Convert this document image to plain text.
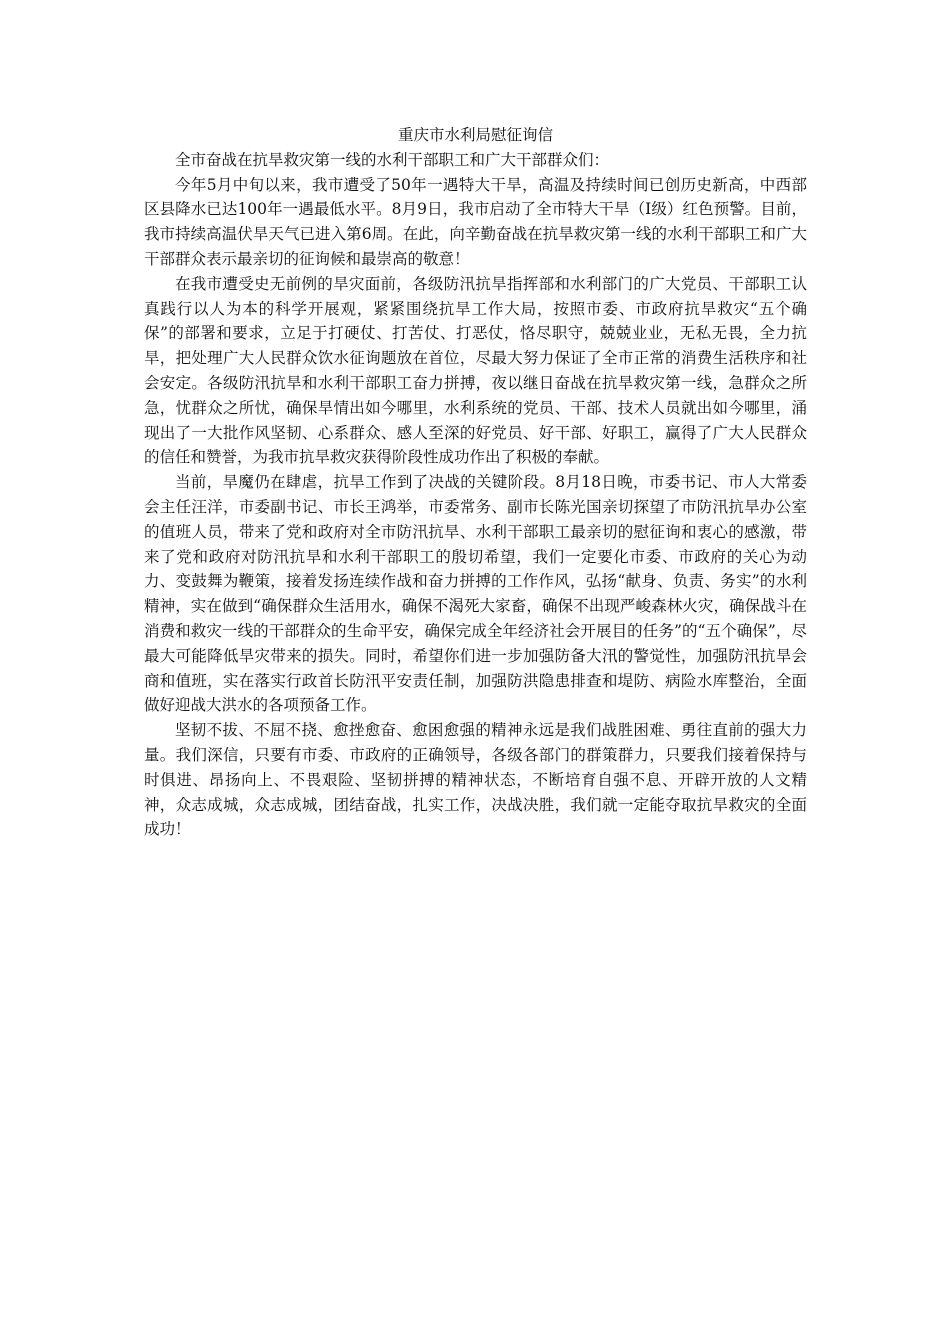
重庆市水利局慰征询信

全市奋战在抗旱救灾第一线的水利干部职工和广大干部群众们：

今年5月中旬以来，我市遭受了50年一遇特大干旱，高温及持续时间已创历史新高，中西部区县降水已达100年一遇最低水平。8月9日，我市启动了全市特大干旱（Ⅰ级）红色预警。目前，我市持续高温伏旱天气已进入第6周。在此，向辛勤奋战在抗旱救灾第一线的水利干部职工和广大干部群众表示最亲切的征询候和最崇高的敬意！

在我市遭受史无前例的旱灾面前，各级防汛抗旱指挥部和水利部门的广大党员、干部职工认真践行以人为本的科学开展观，紧紧围绕抗旱工作大局，按照市委、市政府抗旱救灾“五个确保”的部署和要求，立足于打硬仗、打苦仗、打恶仗，恪尽职守，兢兢业业，无私无畏，全力抗旱，把处理广大人民群众饮水征询题放在首位，尽最大努力保证了全市正常的消费生活秩序和社会安定。各级防汛抗旱和水利干部职工奋力拼搏，夜以继日奋战在抗旱救灾第一线，急群众之所急，忧群众之所忧，确保旱情出如今哪里，水利系统的党员、干部、技术人员就出如今哪里，涌现出了一大批作风坚韧、心系群众、感人至深的好党员、好干部、好职工，赢得了广大人民群众的信任和赞誉，为我市抗旱救灾获得阶段性成功作出了积极的奉献。

当前，旱魔仍在肆虐，抗旱工作到了决战的关键阶段。8月18日晚，市委书记、市人大常委会主任汪洋，市委副书记、市长王鸿举，市委常务、副市长陈光国亲切探望了市防汛抗旱办公室的值班人员，带来了党和政府对全市防汛抗旱、水利干部职工最亲切的慰征询和衷心的感激，带来了党和政府对防汛抗旱和水利干部职工的殷切希望，我们一定要化市委、市政府的关心为动力、变鼓舞为鞭策，接着发扬连续作战和奋力拼搏的工作作风，弘扬“献身、负责、务实”的水利精神，实在做到“确保群众生活用水，确保不渴死大家畜，确保不出现严峻森林火灾，确保战斗在消费和救灾一线的干部群众的生命平安，确保完成全年经济社会开展目的任务”的“五个确保”，尽最大可能降低旱灾带来的损失。同时，希望你们进一步加强防备大汛的警觉性，加强防汛抗旱会商和值班，实在落实行政首长防汛平安责任制，加强防洪隐患排查和堤防、病险水库整治，全面做好迎战大洪水的各项预备工作。

坚韧不拔、不屈不挠、愈挫愈奋、愈困愈强的精神永远是我们战胜困难、勇往直前的强大力量。我们深信，只要有市委、市政府的正确领导，各级各部门的群策群力，只要我们接着保持与时俱进、昂扬向上、不畏艰险、坚韧拼搏的精神状态，不断培育自强不息、开辟开放的人文精神，众志成城，众志成城，团结奋战，扎实工作，决战决胜，我们就一定能夺取抗旱救灾的全面成功！
